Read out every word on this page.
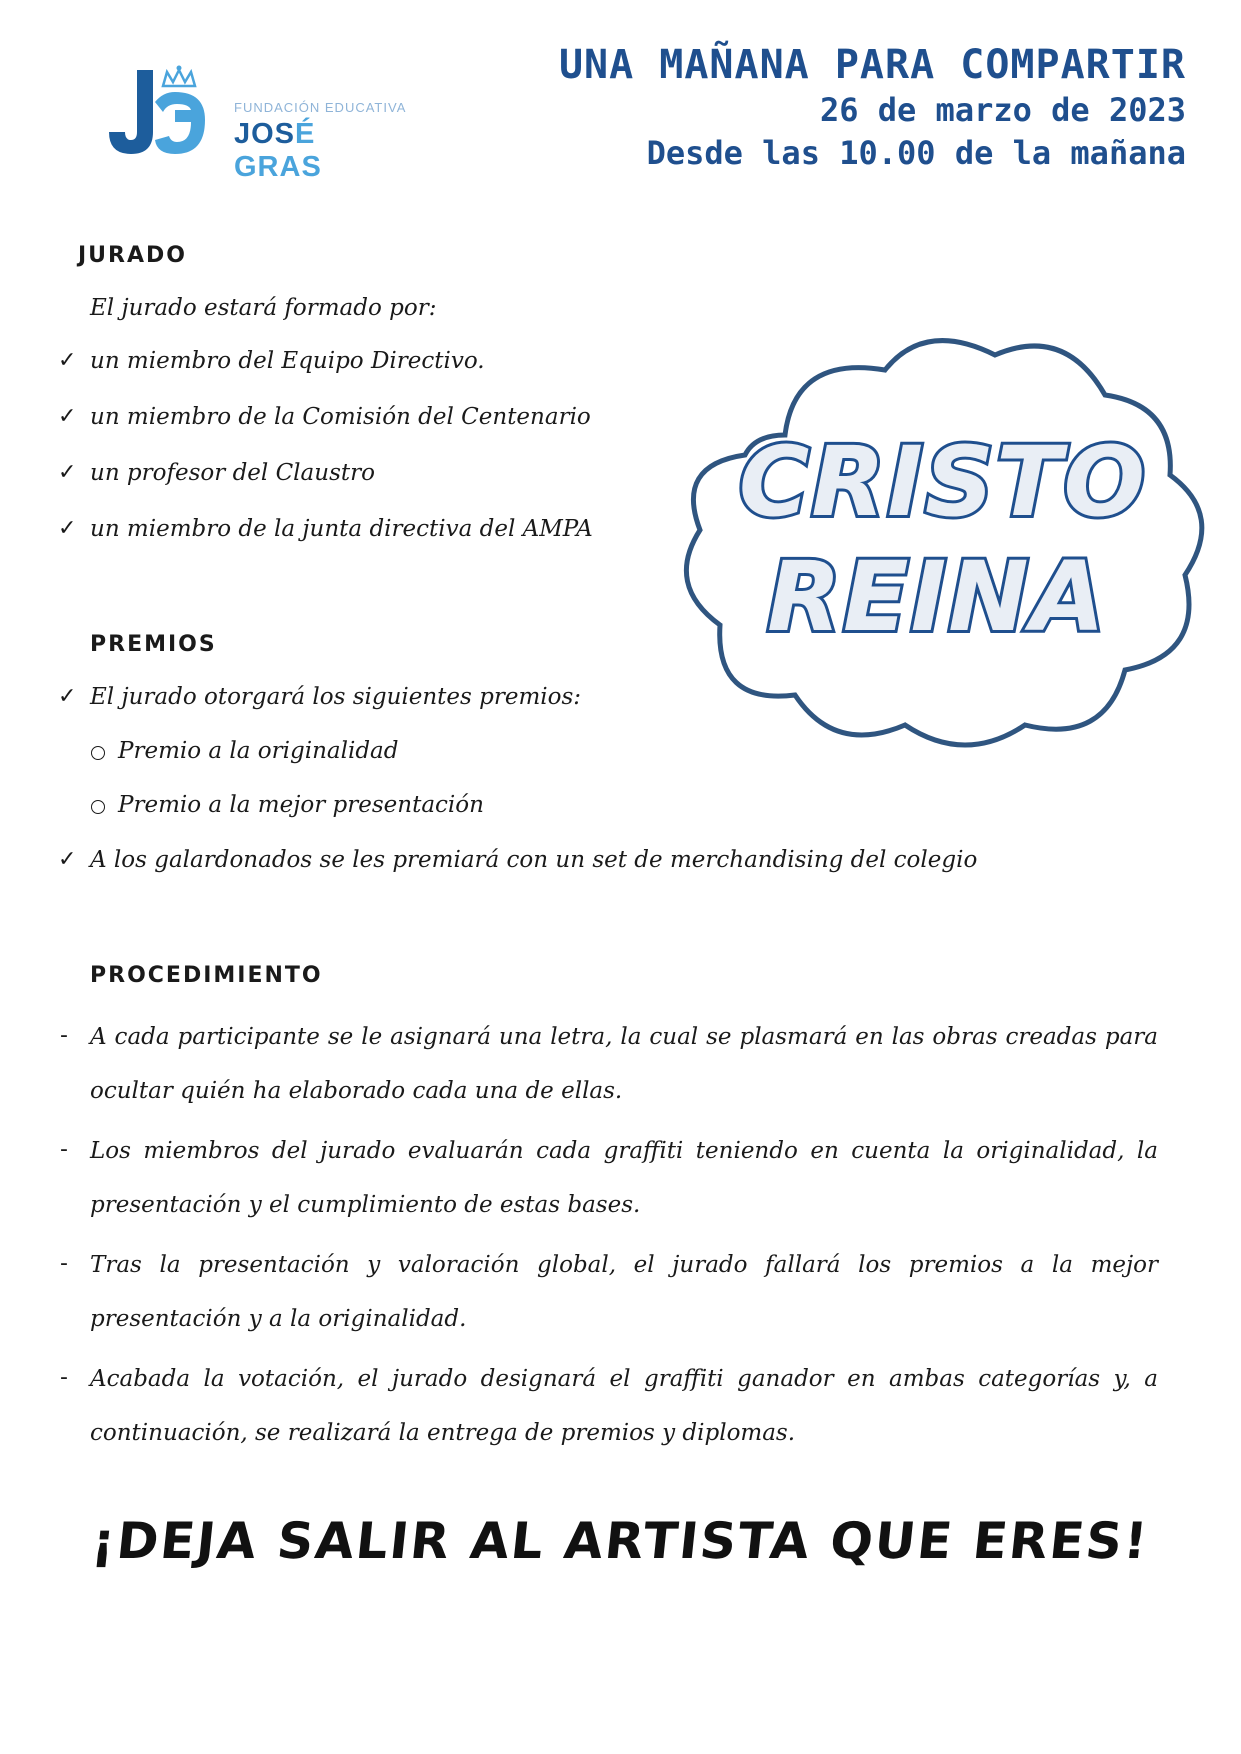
FUNDACIÓN EDUCATIVA
JOSÉ GRAS
UNA MAÑANA PARA COMPARTIR
26 de marzo de 2023
Desde las 10.00 de la mañana
JURADO
El jurado estará formado por:
✓ un miembro del Equipo Directivo.
✓ un miembro de la Comisión del Centenario
✓ un profesor del Claustro
✓ un miembro de la junta directiva del AMPA CRISTO
REINA
PREMIOS
✓ El jurado otorgará los siguientes premios:
Premio a la originalidad
Premio a la mejor presentación
✓ A los galardonados se les premiará con un set de merchandising del colegio
PROCEDIMIENTO
- A cada participante se le asignará una letra, la cual se plasmará en las obras creadas para ocultar quién ha elaborado cada una de ellas.
- Los miembros del jurado evaluarán cada graffiti teniendo en cuenta la originalidad, la presentación y el cumplimiento de estas bases.
- Tras la presentación y valoración global, el jurado fallará los premios a la mejor presentación y a la originalidad.
- Acabada la votación, el jurado designará el graffiti ganador en ambas categorías y, a continuación, se realizará la entrega de premios y diplomas.
¡DEJA SALIR AL ARTISTA QUE ERES!
